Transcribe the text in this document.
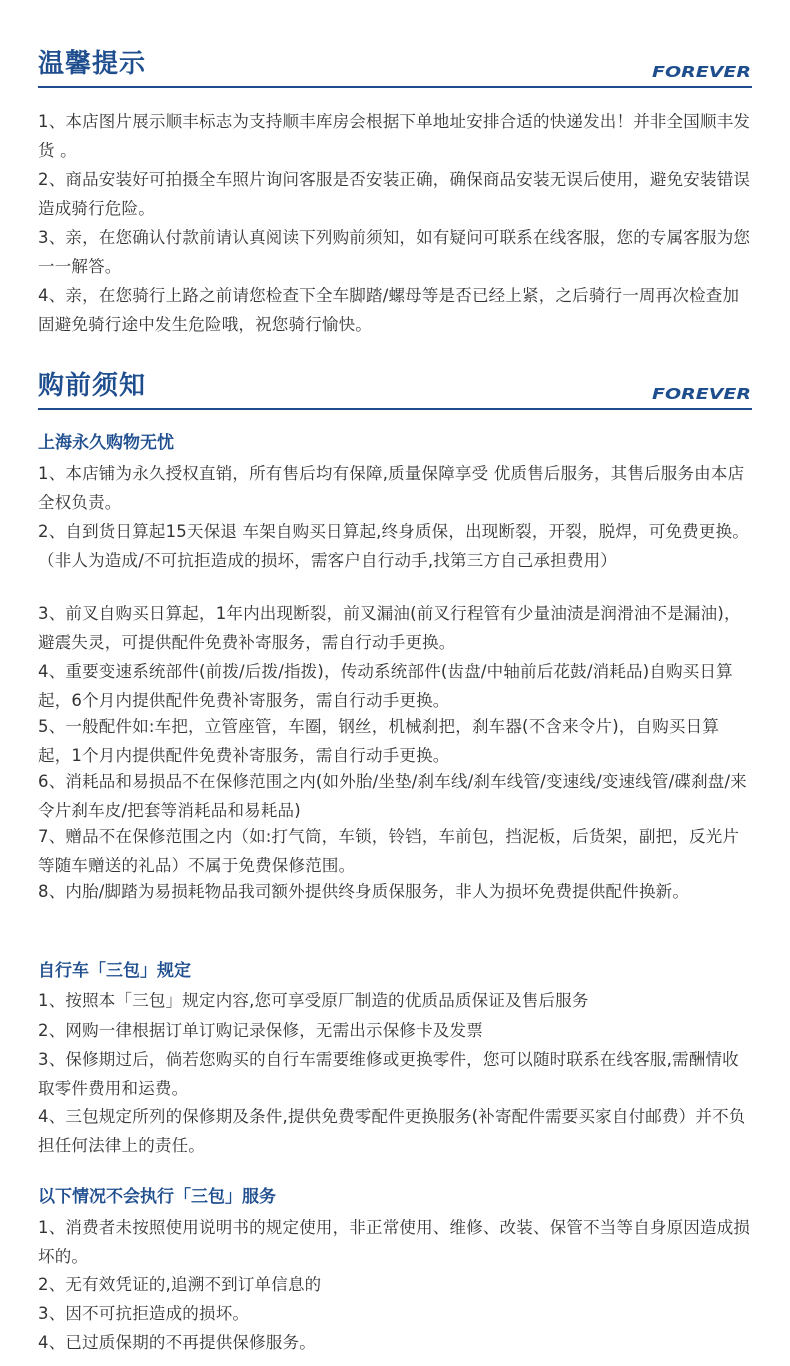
温馨提示	FOREVER
1、本店图片展示顺丰标志为支持顺丰库房会根据下单地址安排合适的快递发出！并非全国顺丰发货 。
2、商品安装好可拍摄全车照片询问客服是否安装正确，确保商品安装无误后使用，避免安装错误造成骑行危险。
3、亲，在您确认付款前请认真阅读下列购前须知，如有疑问可联系在线客服，您的专属客服为您一一解答。
4、亲，在您骑行上路之前请您检查下全车脚踏/螺母等是否已经上紧，之后骑行一周再次检查加固避免骑行途中发生危险哦，祝您骑行愉快。
购前须知	FOREVER
上海永久购物无忧
1、本店铺为永久授权直销，所有售后均有保障,质量保障享受 优质售后服务，其售后服务由本店全权负责。
2、自到货日算起15天保退 车架自购买日算起,终身质保，出现断裂，开裂，脱焊，可免费更换。（非人为造成/不可抗拒造成的损坏，需客户自行动手,找第三方自己承担费用）
3、前叉自购买日算起，1年内出现断裂，前叉漏油(前叉行程管有少量油渍是润滑油不是漏油)，避震失灵，可提供配件免费补寄服务，需自行动手更换。
4、重要变速系统部件(前拨/后拨/指拨)，传动系统部件(齿盘/中轴前后花鼓/消耗品)自购买日算起，6个月内提供配件免费补寄服务，需自行动手更换。
5、一般配件如:车把，立管座管，车圈，钢丝，机械刹把，刹车器(不含来令片)，自购买日算起，1个月内提供配件免费补寄服务，需自行动手更换。
6、消耗品和易损品不在保修范围之内(如外胎/坐垫/刹车线/刹车线管/变速线/变速线管/碟刹盘/来令片刹车皮/把套等消耗品和易耗品)
7、赠品不在保修范围之内（如:打气筒，车锁，铃铛，车前包，挡泥板，后货架，副把，反光片等随车赠送的礼品）不属于免费保修范围。
8、内胎/脚踏为易损耗物品我司额外提供终身质保服务，非人为损坏免费提供配件换新。
自行车「三包」规定
1、按照本「三包」规定内容,您可享受原厂制造的优质品质保证及售后服务
2、网购一律根据订单订购记录保修，无需出示保修卡及发票
3、保修期过后，倘若您购买的自行车需要维修或更换零件，您可以随时联系在线客服,需酬情收取零件费用和运费。
4、三包规定所列的保修期及条件,提供免费零配件更换服务(补寄配件需要买家自付邮费）并不负担任何法律上的责任。
以下情况不会执行「三包」服务
1、消费者未按照使用说明书的规定使用，非正常使用、维修、改装、保管不当等自身原因造成损坏的。
2、无有效凭证的,追溯不到订单信息的
3、因不可抗拒造成的损坏。
4、已过质保期的不再提供保修服务。
